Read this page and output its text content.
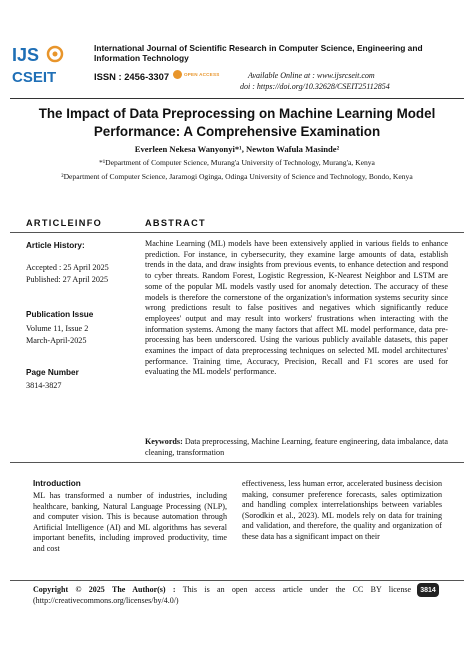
IJS
CSEIT
International Journal of Scientific Research in Computer Science, Engineering and Information Technology
ISSN : 2456-3307	OPEN ACCESS	Available Online at : www.ijsrcseit.com
doi : https://doi.org/10.32628/CSEIT25112854
The Impact of Data Preprocessing on Machine Learning Model Performance: A Comprehensive Examination
Everleen Nekesa Wanyonyi*¹, Newton Wafula Masinde²
*¹Department of Computer Science, Murang'a University of Technology, Murang'a, Kenya
²Department of Computer Science, Jaramogi Oginga, Odinga University of Science and Technology, Bondo, Kenya
ARTICLEINFO	ABSTRACT
Article History:
Accepted : 25 April 2025
Published: 27 April 2025
Publication Issue
Volume 11, Issue 2
March-April-2025
Page Number
3814-3827
Machine Learning (ML) models have been extensively applied in various fields to enhance prediction. For instance, in cybersecurity, they examine large amounts of data, establish trends in the data, and draw insights from previous events, to enhance detection and respond to cyber threats. Random Forest, Logistic Regression, K-Nearest Neighbor and LSTM are some of the popular ML models vastly used for anomaly detection. The accuracy of these models is therefore the cornerstone of the organization's information systems security since wrong predictions result to false positives and negatives which significantly reduce employees' output and may result into workers' frustrations when interacting with the information systems. Among the many factors that affect ML model performance, data pre-processing has been underscored. Using the various publicly available datasets, this paper examines the impact of data preprocessing techniques on selected ML model architectures' performance. Training time, Accuracy, Precision, Recall and F1 scores are used for evaluating the ML models' performance.
Keywords: Data preprocessing, Machine Learning, feature engineering, data imbalance, data cleaning, transformation
Introduction
ML has transformed a number of industries, including healthcare, banking, Natural Language Processing (NLP), and computer vision. This is because automation through Artificial Intelligence (AI) and ML algorithms has several important benefits, including improved productivity, time and cost
effectiveness, less human error, accelerated business decision making, consumer preference forecasts, sales optimization and handling complex interrelationships between variables (Sorodkin et al., 2023). ML models rely on data for training and validation, and therefore, the quality and organization of these data has a significant impact on their
Copyright © 2025 The Author(s) : This is an open access article under the CC BY license (http://creativecommons.org/licenses/by/4.0/)
3814
